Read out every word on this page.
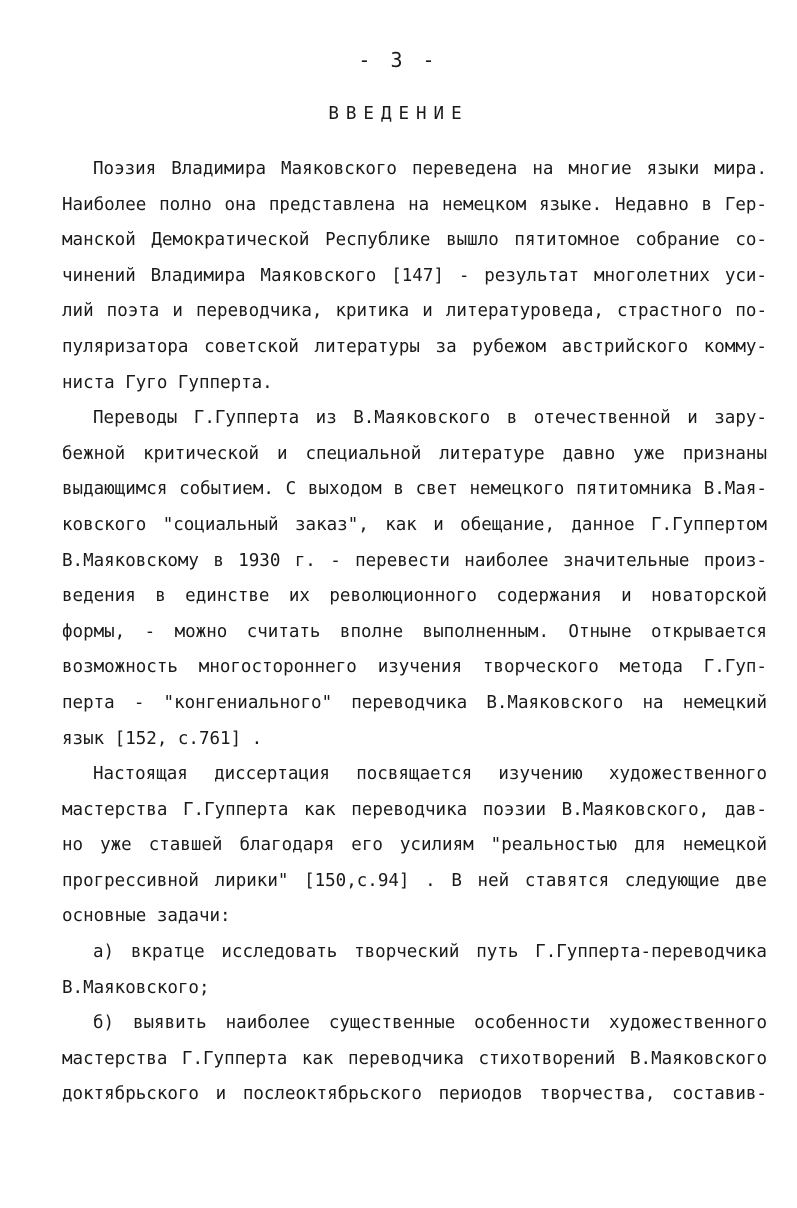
- 3 -
ВВЕДЕНИЕ
Поэзия Владимира Маяковского переведена на многие языки мира.
Наиболее полно она представлена на немецком языке. Недавно в Гер-
манской Демократической Республике вышло пятитомное собрание со-
чинений Владимира Маяковского [147] - результат многолетних уси-
лий поэта и переводчика, критика и литературоведа, страстного по-
пуляризатора советской литературы за рубежом австрийского комму-
ниста Гуго Гупперта.
Переводы Г.Гупперта из В.Маяковского в отечественной и зару-
бежной критической и специальной литературе давно уже признаны
выдающимся событием. С выходом в свет немецкого пятитомника В.Мая-
ковского "социальный заказ", как и обещание, данное Г.Гуппертом
В.Маяковскому в 1930 г. - перевести наиболее значительные произ-
ведения в единстве их революционного содержания и новаторской
формы, - можно считать вполне выполненным. Отныне открывается
возможность многостороннего изучения творческого метода Г.Гуп-
перта - "конгениального" переводчика В.Маяковского на немецкий
язык [152, с.761] .
Настоящая диссертация посвящается изучению художественного
мастерства Г.Гупперта как переводчика поэзии В.Маяковского, дав-
но уже ставшей благодаря его усилиям "реальностью для немецкой
прогрессивной лирики" [150,с.94] . В ней ставятся следующие две
основные задачи:
а) вкратце исследовать творческий путь Г.Гупперта-переводчика
В.Маяковского;
б) выявить наиболее существенные особенности художественного
мастерства Г.Гупперта как переводчика стихотворений В.Маяковского
доктябрьского и послеоктябрьского периодов творчества, составив-
